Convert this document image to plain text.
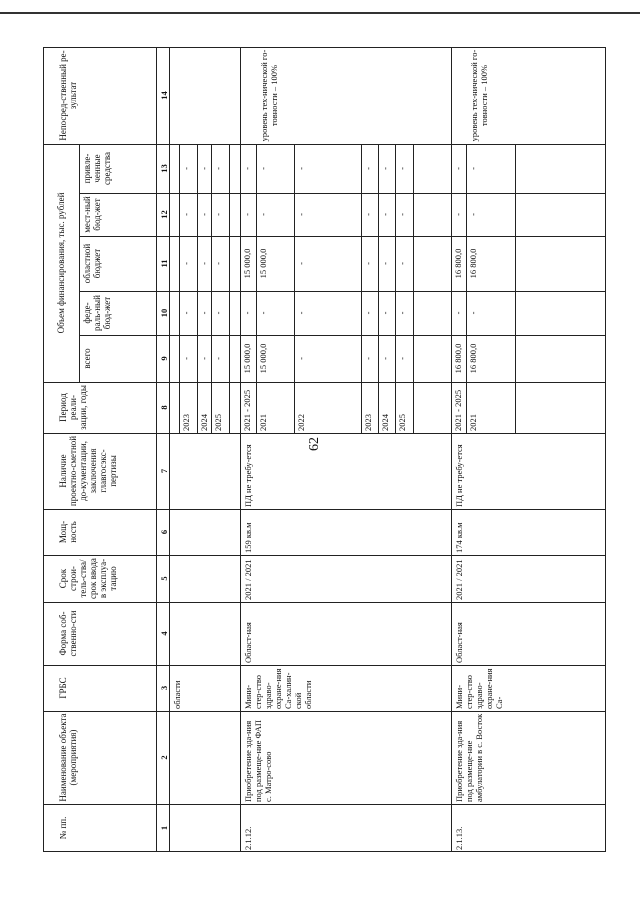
62
№ пп.
Наименование объекта (мероприятия)
ГРБС
Форма соб-ственно-сти
Срок строи-тель-ства/срок ввода в эксплуа-тацию
Мощ-ность
Наличие проектно-сметной до-кументации, заключения главгосэкс-пертизы
Период реали-зации, годы
Непосред-ственный ре-зультат
Объем финансирования, тыс. рублей
всего
феде-раль-ный бюд-жет
областной бюджет
мест-ный бюд-жет
привле-ченные средства
1
2
3
4
5
6
7
8
9
10
11
12
13
14
области
2023
-
-
-
-
-
2024
-
-
-
-
-
2025
-
-
-
-
-
2.1.12.
Приобретение зда-ния под размеще-ние ФАП с. Матро-сово
Мини-стер-ство здраво-охране-ния Са-халин-ской области
Област-ная
2021 / 2021
159 кв.м
ПД не требу-ется
2021 - 2025
15 000,0
-
15 000,0
-
-
2021
15 000,0
-
15 000,0
-
-
2022
-
-
-
-
-
2023
-
-
-
-
-
2024
-
-
-
-
-
2025
-
-
-
-
-
уровень тех-нической го-товности – 100%
2.1.13.
Приобретение зда-ния под размеще-ние амбулатории в с. Восток
Мини-стер-ство здраво-охране-ния Са-
Област-ная
2021 / 2021
174 кв.м
ПД не требу-ется
2021 - 2025
16 800,0
-
16 800,0
-
-
2021
16 800,0
-
16 800,0
-
-
уровень тех-нической го-товности – 100%
